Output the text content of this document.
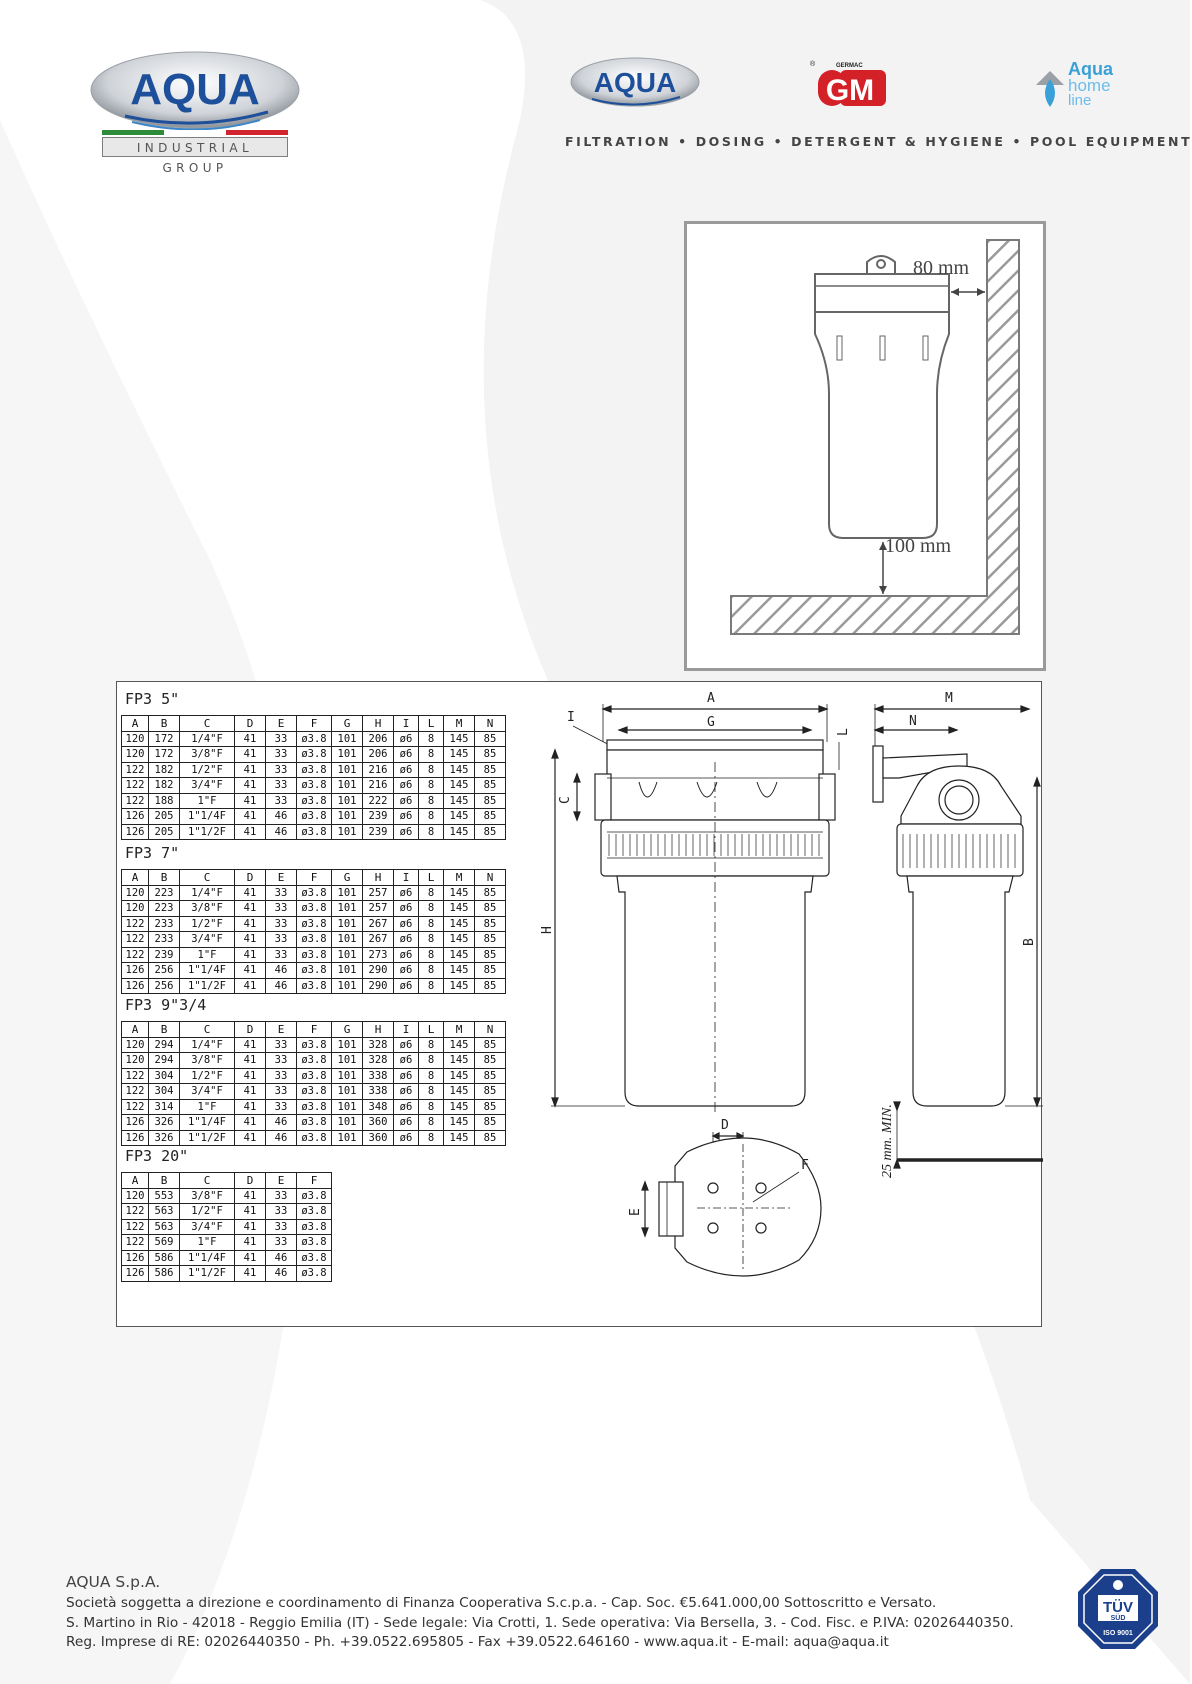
AQUA
INDUSTRIAL GROUP
AQUA
®	GERMAC
GM
Aqua
home
line
FILTRATION • DOSING • DETERGENT & HYGIENE • POOL EQUIPMENT
80 mm
100 mm
FP3 5"
A	B	C	D	E	F	G	H	I	L	M	N
120	172	1/4"F	41	33	ø3.8	101	206	ø6	8	145	85
120	172	3/8"F	41	33	ø3.8	101	206	ø6	8	145	85
122	182	1/2"F	41	33	ø3.8	101	216	ø6	8	145	85
122	182	3/4"F	41	33	ø3.8	101	216	ø6	8	145	85
122	188	1"F	41	33	ø3.8	101	222	ø6	8	145	85
126	205	1"1/4F	41	46	ø3.8	101	239	ø6	8	145	85
126	205	1"1/2F	41	46	ø3.8	101	239	ø6	8	145	85
FP3 7"
A	B	C	D	E	F	G	H	I	L	M	N
120	223	1/4"F	41	33	ø3.8	101	257	ø6	8	145	85
120	223	3/8"F	41	33	ø3.8	101	257	ø6	8	145	85
122	233	1/2"F	41	33	ø3.8	101	267	ø6	8	145	85
122	233	3/4"F	41	33	ø3.8	101	267	ø6	8	145	85
122	239	1"F	41	33	ø3.8	101	273	ø6	8	145	85
126	256	1"1/4F	41	46	ø3.8	101	290	ø6	8	145	85
126	256	1"1/2F	41	46	ø3.8	101	290	ø6	8	145	85
FP3 9"3/4
A	B	C	D	E	F	G	H	I	L	M	N
120	294	1/4"F	41	33	ø3.8	101	328	ø6	8	145	85
120	294	3/8"F	41	33	ø3.8	101	328	ø6	8	145	85
122	304	1/2"F	41	33	ø3.8	101	338	ø6	8	145	85
122	304	3/4"F	41	33	ø3.8	101	338	ø6	8	145	85
122	314	1"F	41	33	ø3.8	101	348	ø6	8	145	85
126	326	1"1/4F	41	46	ø3.8	101	360	ø6	8	145	85
126	326	1"1/2F	41	46	ø3.8	101	360	ø6	8	145	85
FP3 20"
A	B	C	D	E	F
120	553	3/8"F	41	33	ø3.8
122	563	1/2"F	41	33	ø3.8
122	563	3/4"F	41	33	ø3.8
122	569	1"F	41	33	ø3.8
126	586	1"1/4F	41	46	ø3.8
126	586	1"1/2F	41	46	ø3.8
A
G
I
L
C
H
M
N
B
25 mm. MIN.
D
E
F
AQUA S.p.A.
Società soggetta a direzione e coordinamento di Finanza Cooperativa S.c.p.a. - Cap. Soc. €5.641.000,00 Sottoscritto e Versato.
S. Martino in Rio - 42018 - Reggio Emilia (IT) - Sede legale: Via Crotti, 1. Sede operativa: Via Bersella, 3. - Cod. Fisc. e P.IVA: 02026440350.
Reg. Imprese di RE: 02026440350 - Ph. +39.0522.695805 - Fax +39.0522.646160 - www.aqua.it - E-mail: aqua@aqua.it
TÜV
SÜD
ISO 9001
